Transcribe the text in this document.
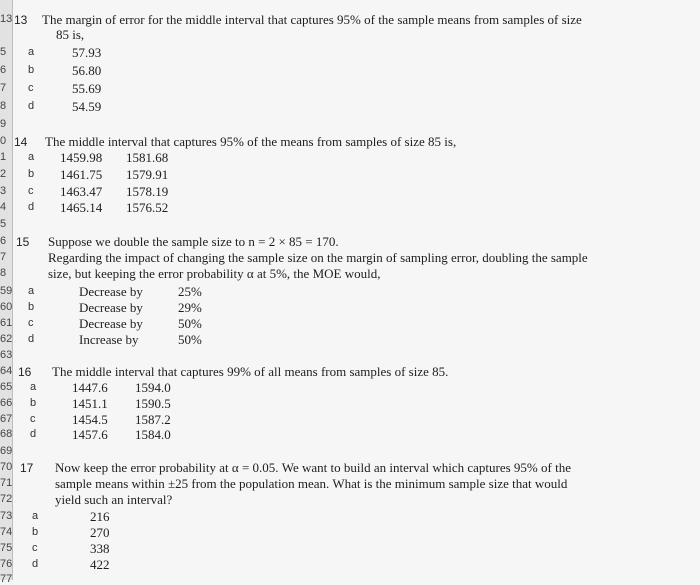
13
5
6
7
8
9
0
1
2
3
4
5
6
7
8
59
60
61
62
63
64
65
66
67
68
69
70
71
72
73
74
75
76
77
13 The margin of error for the middle interval that captures 95% of the sample means from samples of size
85 is,
a	57.93
b	56.80
c	55.69
d	54.59
14 The middle interval that captures 95% of the means from samples of size 85 is,
a 1459.98 1581.68
b 1461.75 1579.91
c 1463.47 1578.19
d 1465.14 1576.52
15 Suppose we double the sample size to n = 2 × 85 = 170.
Regarding the impact of changing the sample size on the margin of sampling error, doubling the sample
size, but keeping the error probability α at 5%, the MOE would,
a	Decrease by	25%
b	Decrease by	29%
c	Decrease by	50%
d	Increase by	50%
16 The middle interval that captures 99% of all means from samples of size 85.
a	1447.6 1594.0
b	1451.1 1590.5
c	1454.5 1587.2
d	1457.6 1584.0
17 Now keep the error probability at α = 0.05. We want to build an interval which captures 95% of the
sample means within ±25 from the population mean. What is the minimum sample size that would
yield such an interval?
a	216
b	270
c	338
d	422
